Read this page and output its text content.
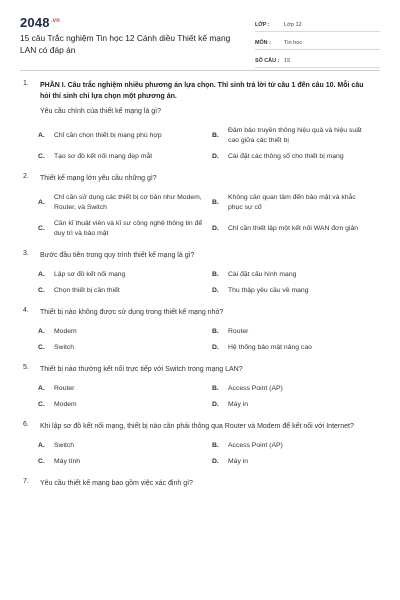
$2048^{.vn}$
15 câu Trắc nghiệm Tin học 12 Cánh diều Thiết kế mạng LAN có đáp án
LỚP :	Lớp 12
MÔN :	Tin học
SỐ CÂU : 15
1. PHẦN I. Câu trắc nghiệm nhiều phương án lựa chọn. Thí sinh trả lời từ câu 1 đến câu 10. Mỗi câu hỏi thí sinh chỉ lựa chọn một phương án.
Yêu cầu chính của thiết kế mạng là gì?
A.	Chỉ cần chọn thiết bị mạng phù hợp	B.
Đảm bảo truyền thông hiệu quả và hiệu suất cao giữa các thiết bị
C.	Tạo sơ đồ kết nối mạng đẹp mắt	D.	Cài đặt các thông số cho thiết bị mạng
2. Thiết kế mạng lớn yêu cầu những gì?
A.
Chỉ cần sử dụng các thiết bị cơ bản như Modem, Router, và Switch
B.
Không cần quan tâm đến bảo mật và khắc phục sự cố
C.
Cần kĩ thuật viên và kĩ sư công nghệ thông tin để duy trì và bảo mật
D.	Chỉ cần thiết lập một kết nối WAN đơn giản
3. Bước đầu tiên trong quy trình thiết kế mạng là gì?
A.	Lập sơ đồ kết nối mạng	B.	Cài đặt cấu hình mạng
C.	Chọn thiết bị cần thiết	D.	Thu thập yêu cầu về mạng
4. Thiết bị nào không được sử dụng trong thiết kế mạng nhỏ?
A.	Modem	B.	Router
C.	Switch	D.	Hệ thống bảo mật nâng cao
5. Thiết bị nào thường kết nối trực tiếp với Switch trong mạng LAN?
A.	Router	B.	Access Point (AP)
C.	Modem	D.	Máy in
6. Khi lập sơ đồ kết nối mạng, thiết bị nào cần phải thông qua Router và Modem để kết nối với Internet?
A.	Switch	B.	Access Point (AP)
C.	Máy tính	D.	Máy in
7. Yêu cầu thiết kế mạng bao gồm việc xác định gì?
